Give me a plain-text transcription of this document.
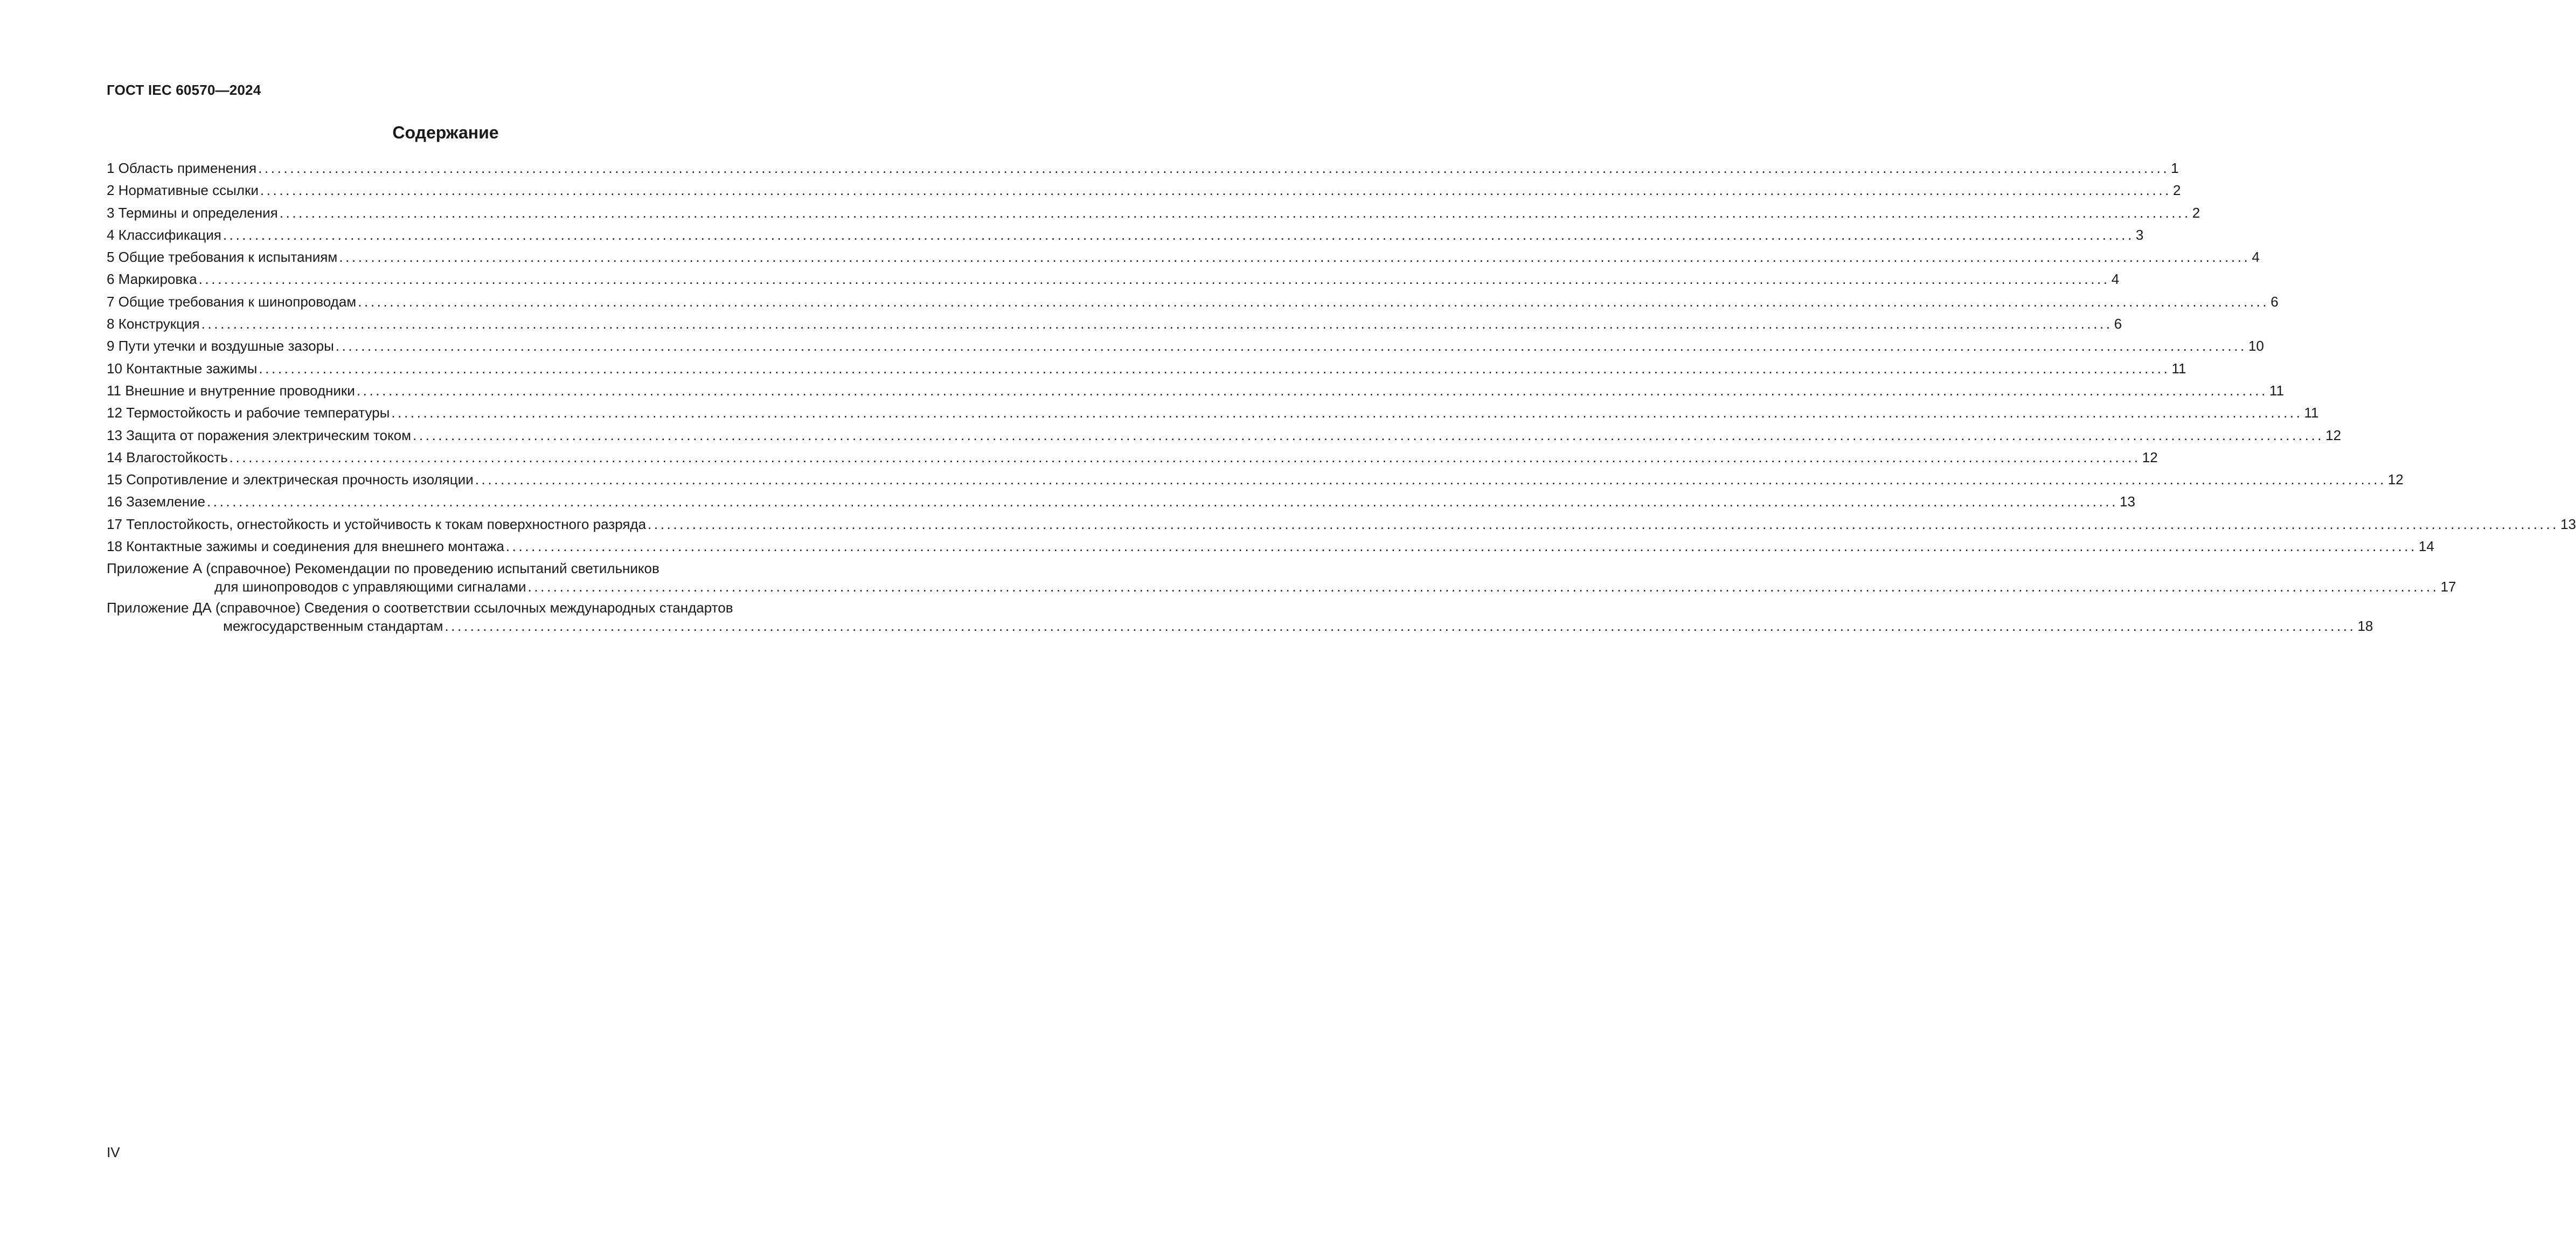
ГОСТ IEC 60570—2024
Содержание
1 Область применения ............................................................................................................................................................................................................................................................................................................ 1
2 Нормативные ссылки ............................................................................................................................................................................................................................................................................................................ 2
3 Термины и определения ............................................................................................................................................................................................................................................................................................................ 2
4 Классификация ............................................................................................................................................................................................................................................................................................................ 3
5 Общие требования к испытаниям ............................................................................................................................................................................................................................................................................................................ 4
6 Маркировка ............................................................................................................................................................................................................................................................................................................ 4
7 Общие требования к шинопроводам ............................................................................................................................................................................................................................................................................................................ 6
8 Конструкция ............................................................................................................................................................................................................................................................................................................ 6
9 Пути утечки и воздушные зазоры ............................................................................................................................................................................................................................................................................................................ 10
10 Контактные зажимы ............................................................................................................................................................................................................................................................................................................ 11
11 Внешние и внутренние проводники ............................................................................................................................................................................................................................................................................................................ 11
12 Термостойкость и рабочие температуры ............................................................................................................................................................................................................................................................................................................ 11
13 Защита от поражения электрическим током ............................................................................................................................................................................................................................................................................................................ 12
14 Влагостойкость ............................................................................................................................................................................................................................................................................................................ 12
15 Сопротивление и электрическая прочность изоляции ............................................................................................................................................................................................................................................................................................................ 12
16 Заземление ............................................................................................................................................................................................................................................................................................................ 13
17 Теплостойкость, огнестойкость и устойчивость к токам поверхностного разряда ............................................................................................................................................................................................................................................................................................................ 13
18 Контактные зажимы и соединения для внешнего монтажа ............................................................................................................................................................................................................................................................................................................ 14
Приложение А (справочное) Рекомендации по проведению испытаний светильников
для шинопроводов с управляющими сигналами ............................................................................................................................................................................................................................................................................................................ 17
Приложение ДА (справочное) Сведения о соответствии ссылочных международных стандартов
межгосударственным стандартам ............................................................................................................................................................................................................................................................................................................ 18
IV
